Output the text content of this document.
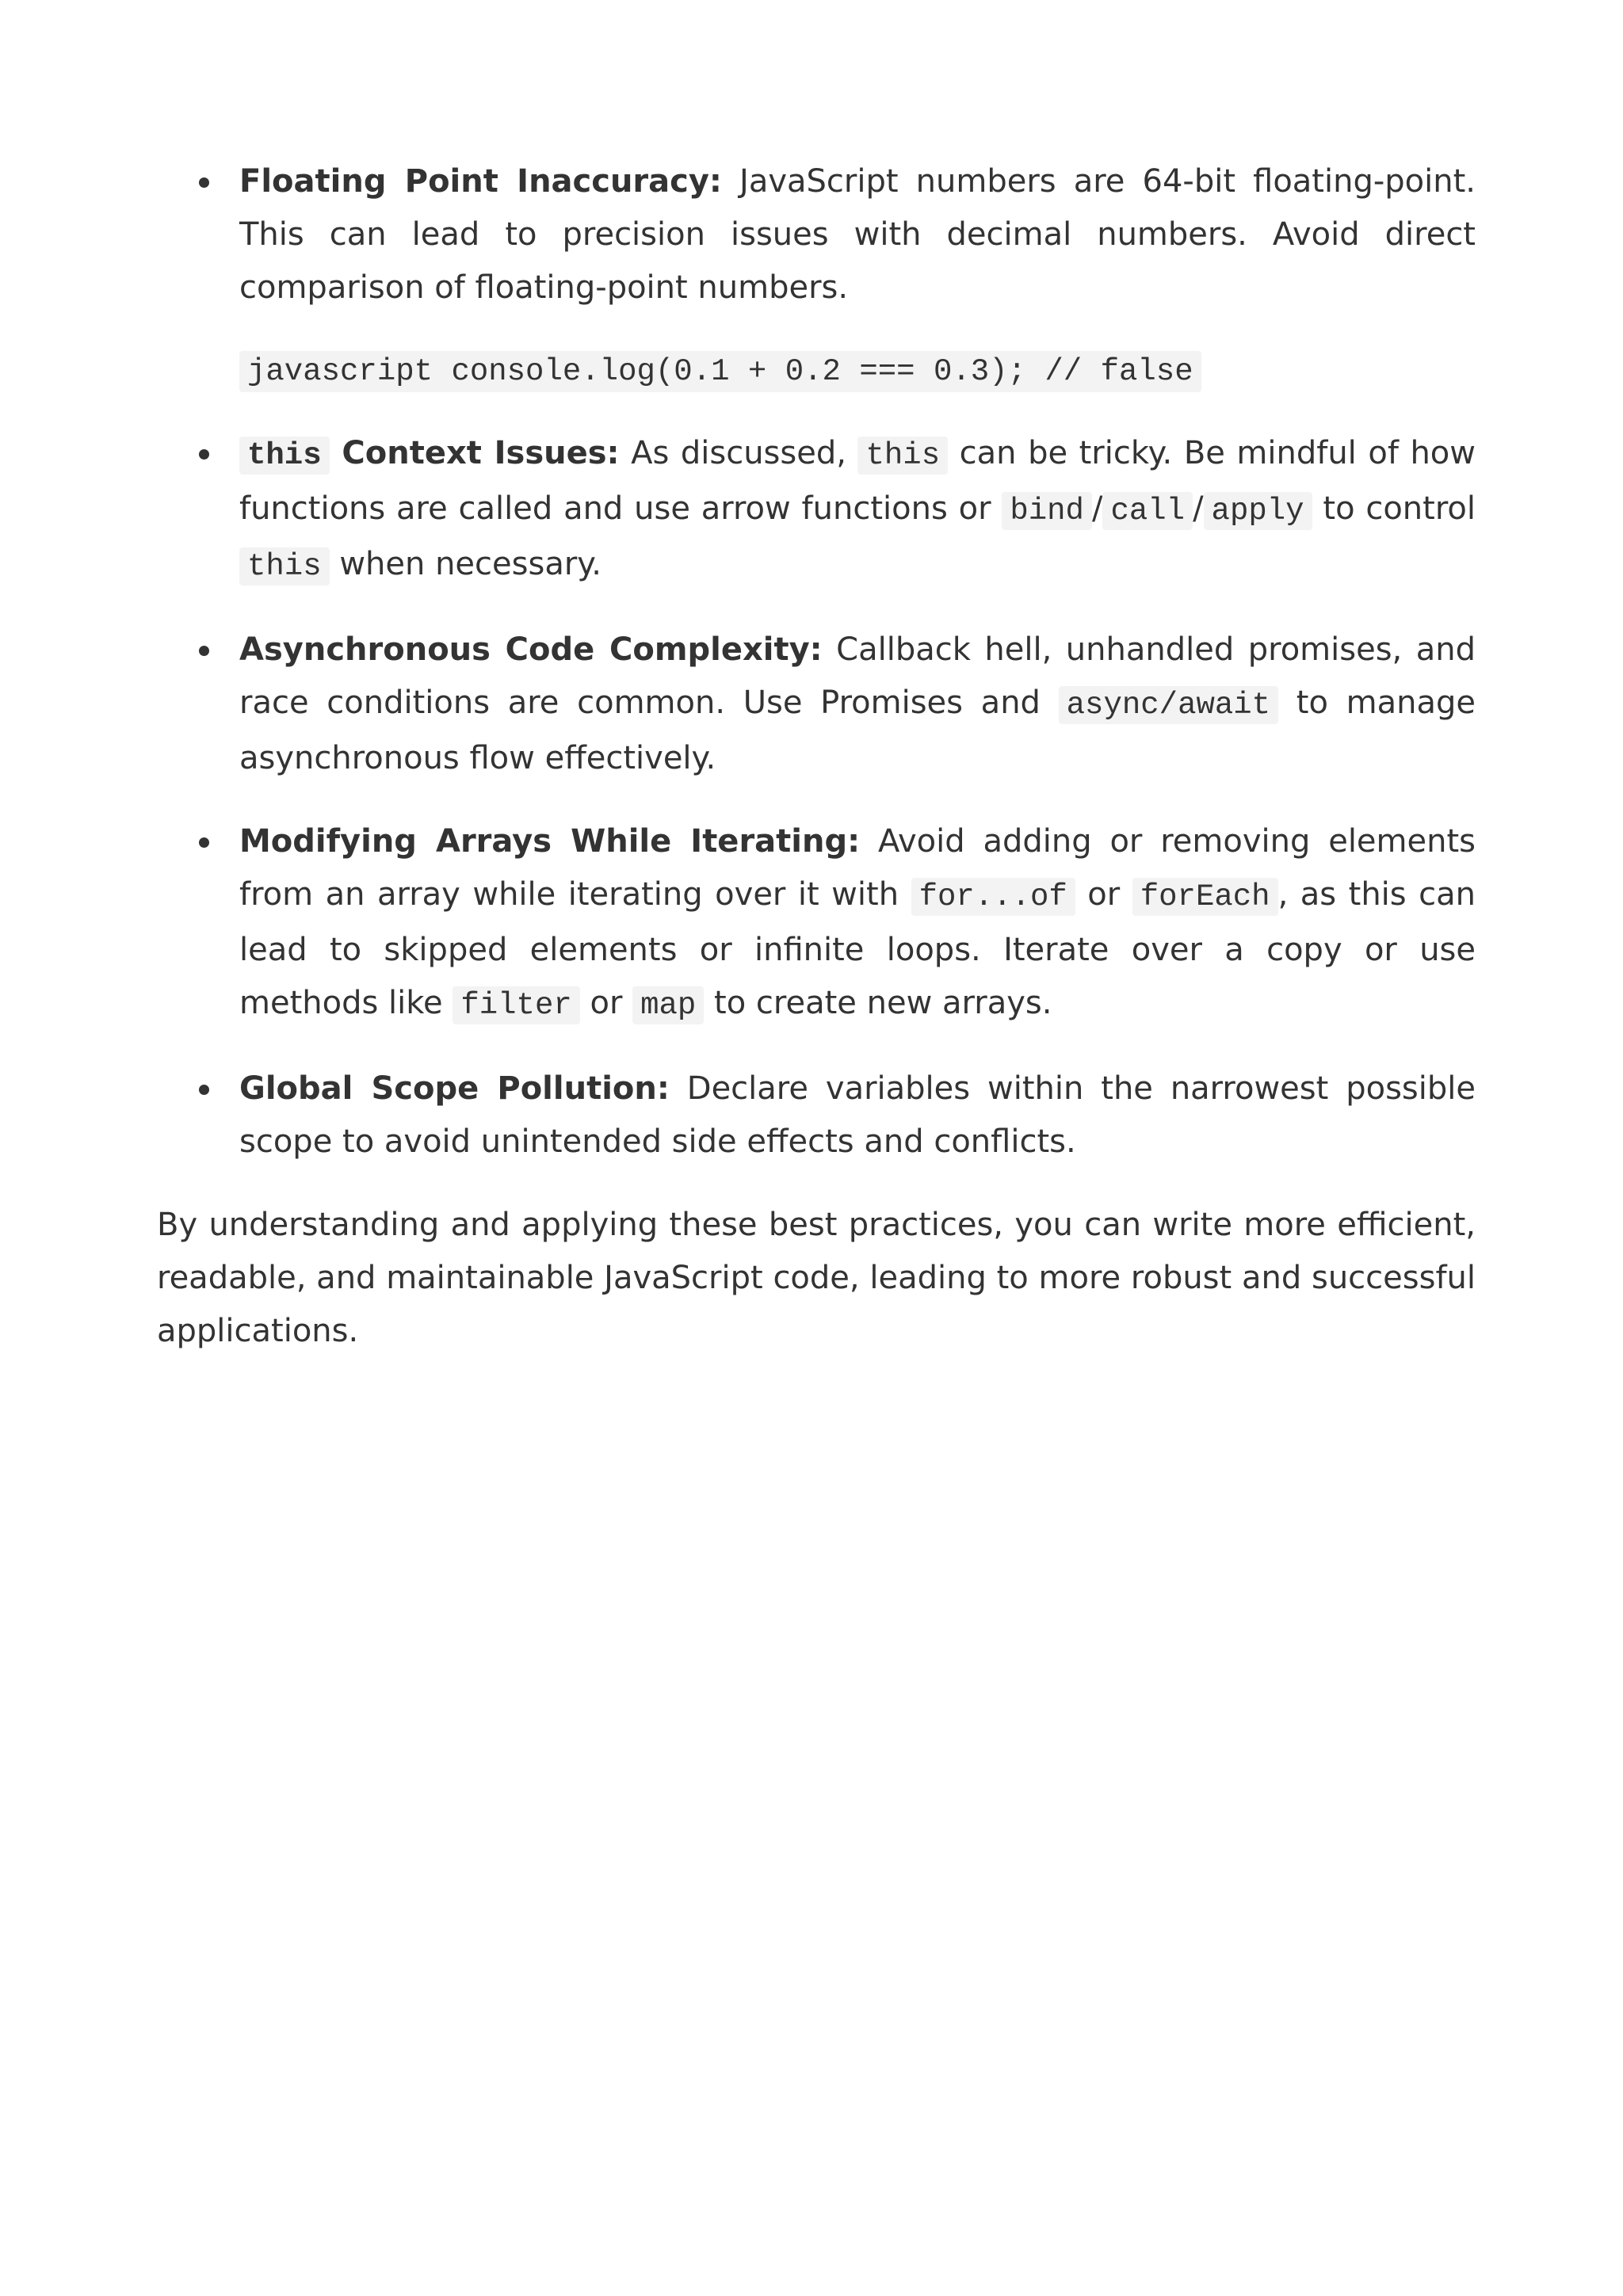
Floating Point Inaccuracy: JavaScript numbers are 64-bit floating-point. This can lead to precision issues with decimal numbers. Avoid direct comparison of floating-point numbers.
javascript console.log(0.1 + 0.2 === 0.3); // false
this Context Issues: As discussed, this can be tricky. Be mindful of how functions are called and use arrow functions or bind / call / apply to control this when necessary.
Asynchronous Code Complexity: Callback hell, unhandled promises, and race conditions are common. Use Promises and async/await to manage asynchronous flow effectively.
Modifying Arrays While Iterating: Avoid adding or removing elements from an array while iterating over it with for...of or forEach , as this can lead to skipped elements or infinite loops. Iterate over a copy or use methods like filter or map to create new arrays.
Global Scope Pollution: Declare variables within the narrowest possible scope to avoid unintended side effects and conflicts.

By understanding and applying these best practices, you can write more efficient, readable, and maintainable JavaScript code, leading to more robust and successful applications.
